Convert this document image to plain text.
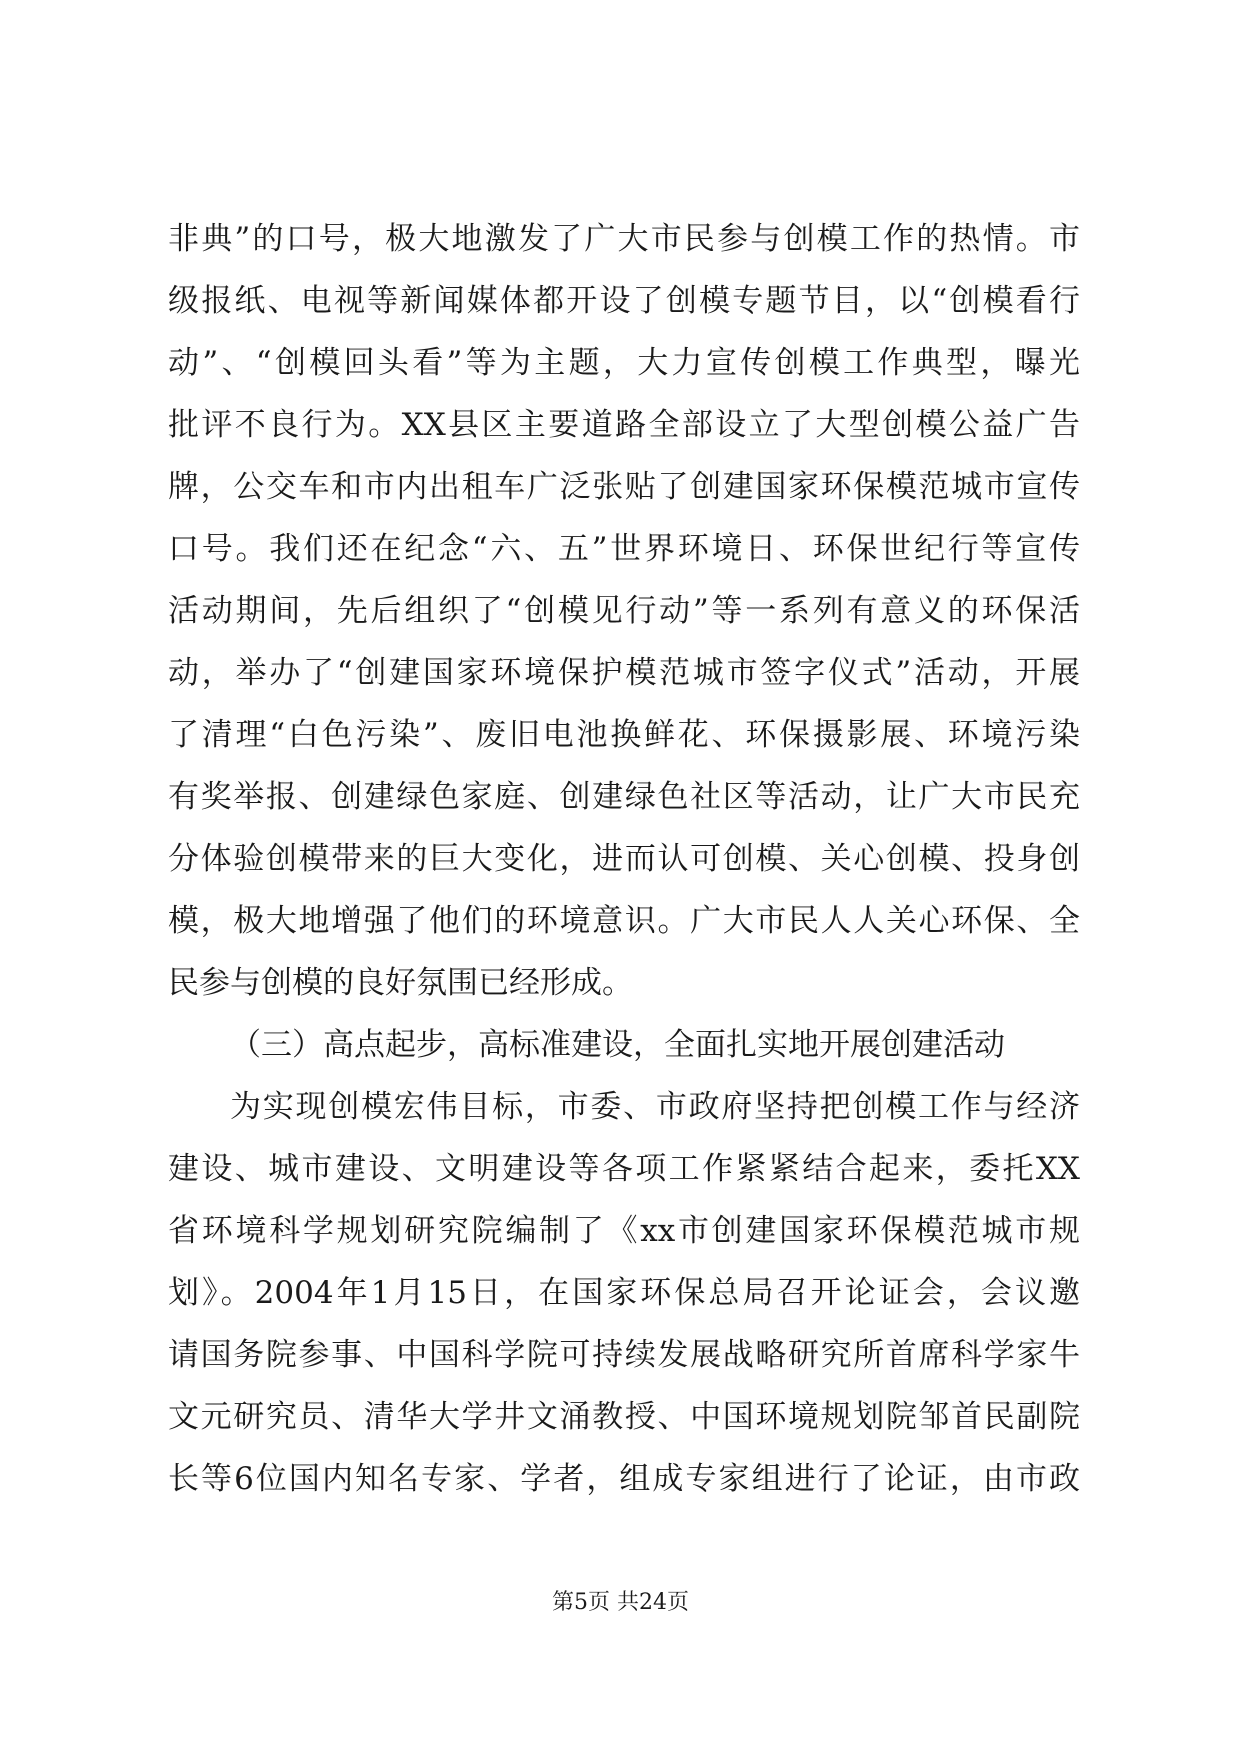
非典”的口号，极大地激发了广大市民参与创模工作的热情。市
级报纸、电视等新闻媒体都开设了创模专题节目，以“创模看行
动”、“创模回头看”等为主题，大力宣传创模工作典型，曝光
批评不良行为。XX县区主要道路全部设立了大型创模公益广告
牌，公交车和市内出租车广泛张贴了创建国家环保模范城市宣传
口号。我们还在纪念“六、五”世界环境日、环保世纪行等宣传
活动期间，先后组织了“创模见行动”等一系列有意义的环保活
动，举办了“创建国家环境保护模范城市签字仪式”活动，开展
了清理“白色污染”、废旧电池换鲜花、环保摄影展、环境污染
有奖举报、创建绿色家庭、创建绿色社区等活动，让广大市民充
分体验创模带来的巨大变化，进而认可创模、关心创模、投身创
模，极大地增强了他们的环境意识。广大市民人人关心环保、全
民参与创模的良好氛围已经形成。
（三）高点起步，高标准建设，全面扎实地开展创建活动
为实现创模宏伟目标，市委、市政府坚持把创模工作与经济
建设、城市建设、文明建设等各项工作紧紧结合起来，委托XX
省环境科学规划研究院编制了《xx市创建国家环保模范城市规
划》。2004年1月15日，在国家环保总局召开论证会，会议邀
请国务院参事、中国科学院可持续发展战略研究所首席科学家牛
文元研究员、清华大学井文涌教授、中国环境规划院邹首民副院
长等6位国内知名专家、学者，组成专家组进行了论证，由市政
第5页 共24页
